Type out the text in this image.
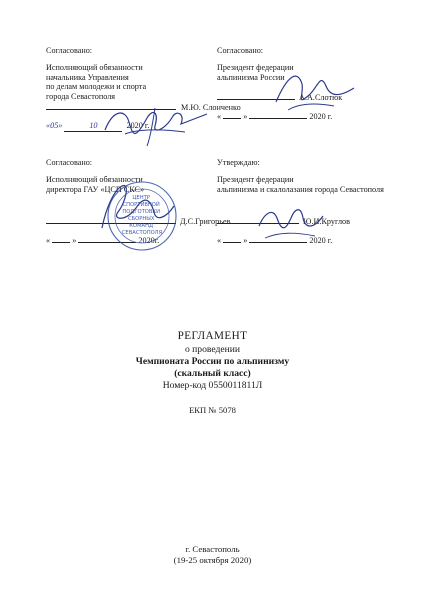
Согласовано:
Исполняющий обязанности
начальника Управления
по делам молодежи и спорта
города Севастополя
М.Ю. Слонченко
«05»	10	2020 г.
Согласовано:
Президент федерации
альпинизма России
А.А.Слотюк
«	»	2020 г.
Согласовано:
Исполняющий обязанности
директора ГАУ «ЦСП СКС»
Д.С.Григорьев
«	»	2020г.
Утверждаю:
Президент федерации
альпинизма и скалолазания города Севастополя
Ю.И.Круглов
«	»	2020 г.
ЦЕНТР СПОРТИВНОЙ ПОДГОТОВКИ СБОРНЫХ КОМАНД СЕВАСТОПОЛЯ
РЕГЛАМЕНТ
о проведении
Чемпионата России по альпинизму
(скальный класс)
Номер-код 0550011811Л
ЕКП № 5078
г. Севастополь
(19-25 октября 2020)
